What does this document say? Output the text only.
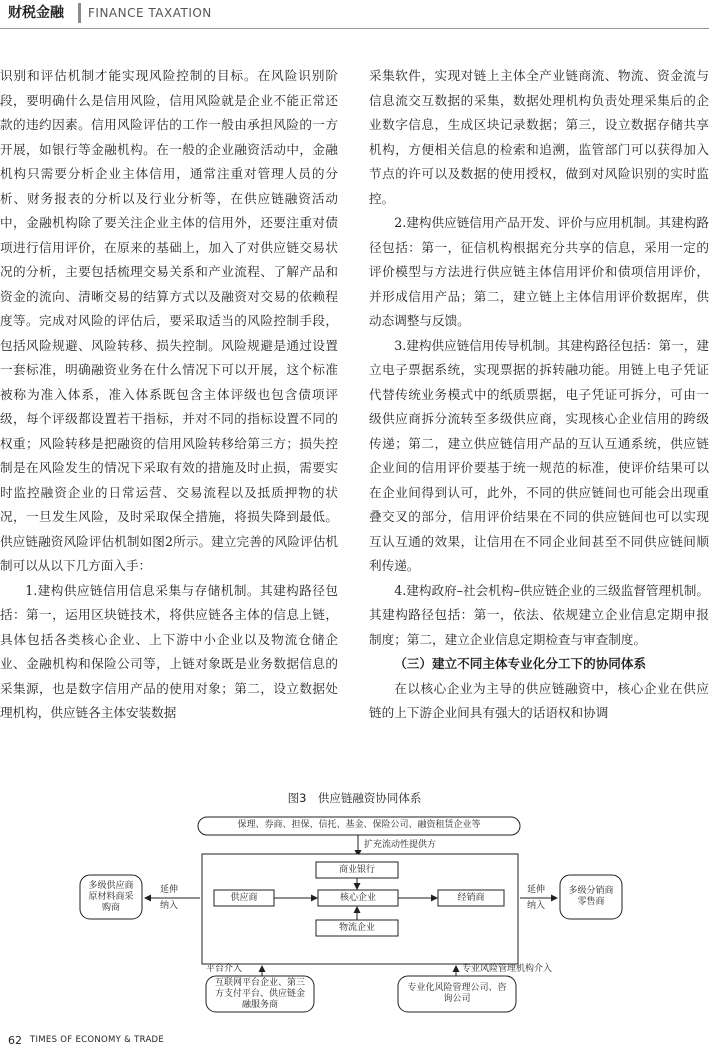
财税金融	FINANCE TAXATION

识别和评估机制才能实现风险控制的目标。在风险识别阶段，要明确什么是信用风险，信用风险就是企业不能正常还款的违约因素。信用风险评估的工作一般由承担风险的一方开展，如银行等金融机构。在一般的企业融资活动中，金融机构只需要分析企业主体信用，通常注重对管理人员的分析、财务报表的分析以及行业分析等，在供应链融资活动中，金融机构除了要关注企业主体的信用外，还要注重对债项进行信用评价，在原来的基础上，加入了对供应链交易状况的分析，主要包括梳理交易关系和产业流程、了解产品和资金的流向、清晰交易的结算方式以及融资对交易的依赖程度等。完成对风险的评估后，要采取适当的风险控制手段，包括风险规避、风险转移、损失控制。风险规避是通过设置一套标准，明确融资业务在什么情况下可以开展，这个标准被称为准入体系，准入体系既包含主体评级也包含债项评级，每个评级都设置若干指标，并对不同的指标设置不同的权重；风险转移是把融资的信用风险转移给第三方；损失控制是在风险发生的情况下采取有效的措施及时止损，需要实时监控融资企业的日常运营、交易流程以及抵质押物的状况，一旦发生风险，及时采取保全措施，将损失降到最低。供应链融资风险评估机制如图2所示。建立完善的风险评估机制可以从以下几方面入手：

1.建构供应链信用信息采集与存储机制。其建构路径包括：第一，运用区块链技术，将供应链各主体的信息上链，具体包括各类核心企业、上下游中小企业以及物流仓储企业、金融机构和保险公司等，上链对象既是业务数据信息的采集源，也是数字信用产品的使用对象；第二，设立数据处理机构，供应链各主体安装数据

采集软件，实现对链上主体全产业链商流、物流、资金流与信息流交互数据的采集，数据处理机构负责处理采集后的企业数字信息，生成区块记录数据；第三，设立数据存储共享机构，方便相关信息的检索和追溯，监管部门可以获得加入节点的许可以及数据的使用授权，做到对风险识别的实时监控。

2.建构供应链信用产品开发、评价与应用机制。其建构路径包括：第一，征信机构根据充分共享的信息，采用一定的评价模型与方法进行供应链主体信用评价和债项信用评价，并形成信用产品；第二，建立链上主体信用评价数据库，供动态调整与反馈。

3.建构供应链信用传导机制。其建构路径包括：第一，建立电子票据系统，实现票据的拆转融功能。用链上电子凭证代替传统业务模式中的纸质票据，电子凭证可拆分，可由一级供应商拆分流转至多级供应商，实现核心企业信用的跨级传递；第二，建立供应链信用产品的互认互通系统，供应链企业间的信用评价要基于统一规范的标准，使评价结果可以在企业间得到认可，此外，不同的供应链间也可能会出现重叠交叉的部分，信用评价结果在不同的供应链间也可以实现互认互通的效果，让信用在不同企业间甚至不同供应链间顺利传递。

4.建构政府–社会机构–供应链企业的三级监督管理机制。其建构路径包括：第一，依法、依规建立企业信息定期申报制度；第二，建立企业信息定期检查与审查制度。

（三）建立不同主体专业化分工下的协同体系

在以核心企业为主导的供应链融资中，核心企业在供应链的上下游企业间具有强大的话语权和协调

图3　供应链融资协同体系
保理、券商、担保、信托、基金、保险公司、融资租赁企业等
扩充流动性提供方
商业银行
供应商	核心企业	经销商
物流企业
多级供应商原材料商采购商
多级分销商零售商
延伸
纳入
延伸
纳入
平台介入	专业风险管理机构介入
互联网平台企业、第三方支付平台、供应链金融服务商
专业化风险管理公司、咨询公司
62 TIMES OF ECONOMY & TRADE
